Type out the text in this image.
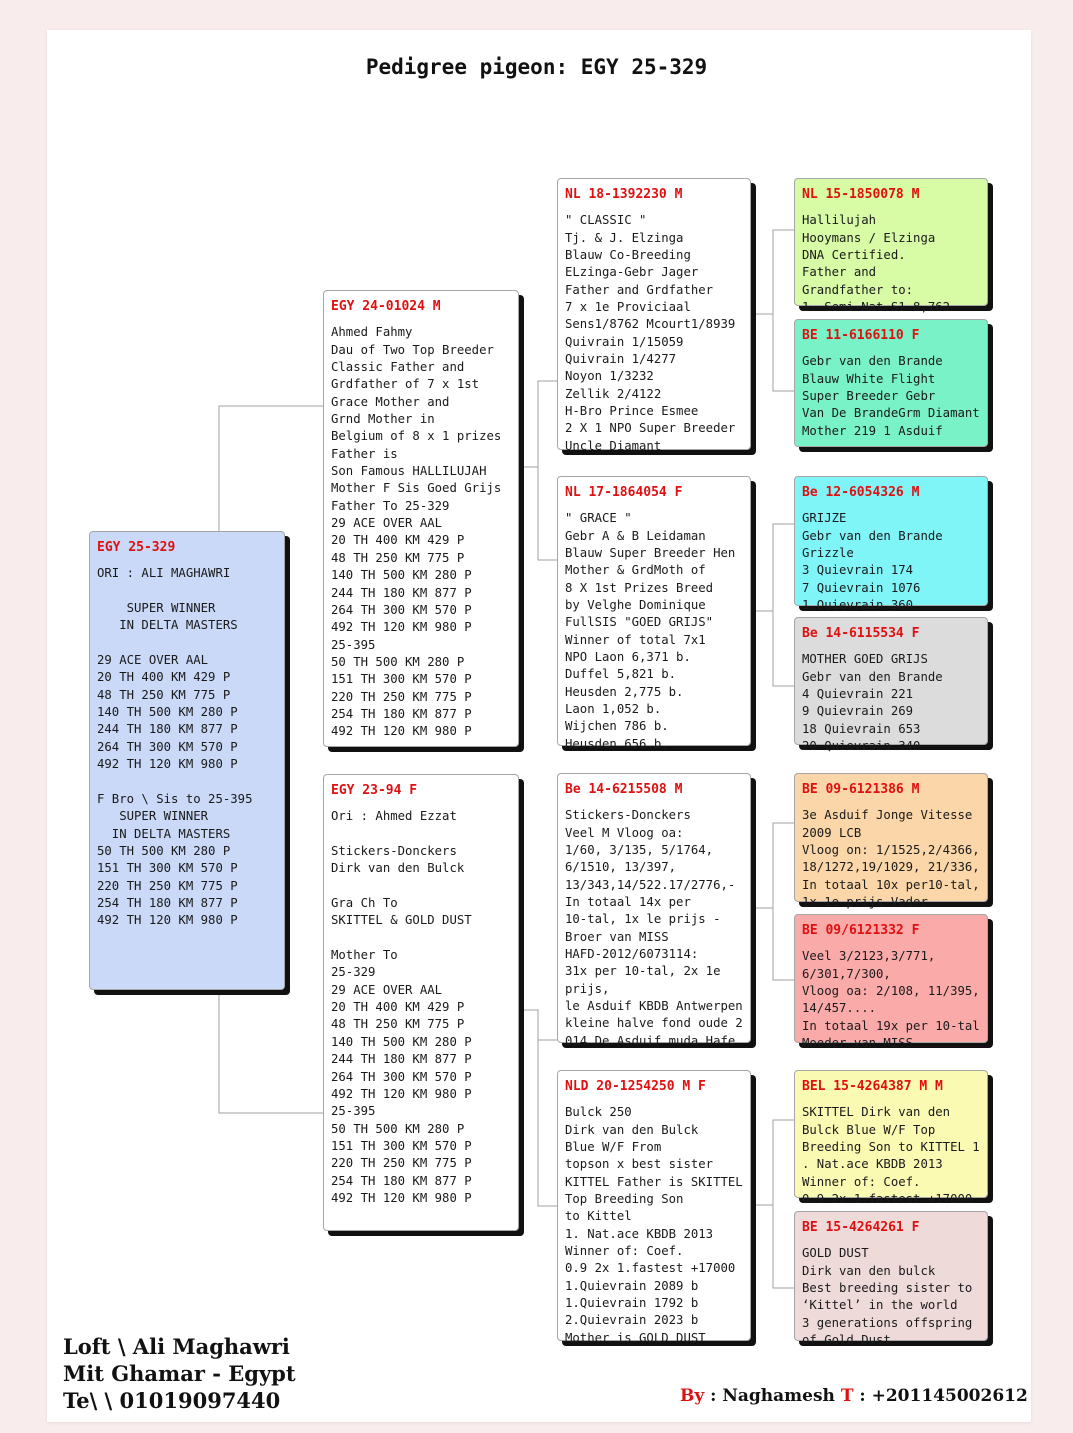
Pedigree pigeon: EGY 25-329
EGY 25-329
ORI : ALI MAGHAWRI

SUPER WINNER
IN DELTA MASTERS

29 ACE OVER AAL
20 TH 400 KM 429 P
48 TH 250 KM 775 P
140 TH 500 KM 280 P
244 TH 180 KM 877 P
264 TH 300 KM 570 P
492 TH 120 KM 980 P

F Bro \ Sis to 25-395
SUPER WINNER
IN DELTA MASTERS
50 TH 500 KM 280 P
151 TH 300 KM 570 P
220 TH 250 KM 775 P
254 TH 180 KM 877 P
492 TH 120 KM 980 P
EGY 24-01024 M
Ahmed Fahmy
Dau of Two Top Breeder
Classic Father and
Grdfather of 7 x 1st
Grace Mother and
Grnd Mother in
Belgium of 8 x 1 prizes
Father is
Son Famous HALLILUJAH
Mother F Sis Goed Grijs
Father To 25-329
29 ACE OVER AAL
20 TH 400 KM 429 P
48 TH 250 KM 775 P
140 TH 500 KM 280 P
244 TH 180 KM 877 P
264 TH 300 KM 570 P
492 TH 120 KM 980 P
25-395
50 TH 500 KM 280 P
151 TH 300 KM 570 P
220 TH 250 KM 775 P
254 TH 180 KM 877 P
492 TH 120 KM 980 P
EGY 23-94 F
Ori : Ahmed Ezzat

Stickers-Donckers
Dirk van den Bulck

Gra Ch To
SKITTEL & GOLD DUST

Mother To
25-329
29 ACE OVER AAL
20 TH 400 KM 429 P
48 TH 250 KM 775 P
140 TH 500 KM 280 P
244 TH 180 KM 877 P
264 TH 300 KM 570 P
492 TH 120 KM 980 P
25-395
50 TH 500 KM 280 P
151 TH 300 KM 570 P
220 TH 250 KM 775 P
254 TH 180 KM 877 P
492 TH 120 KM 980 P
NL 18-1392230 M
" CLASSIC "
Tj. & J. Elzinga
Blauw Co-Breeding
ELzinga-Gebr Jager
Father and Grdfather
7 x 1e Proviciaal
Sens1/8762 Mcourt1/8939
Quivrain 1/15059
Quivrain 1/4277
Noyon 1/3232
Zellik 2/4122
H-Bro Prince Esmee
2 X 1 NPO Super Breeder
Uncle Diamant
NL 17-1864054 F
" GRACE "
Gebr A & B Leidaman
Blauw Super Breeder Hen
Mother & GrdMoth of
8 X 1st Prizes Breed
by Velghe Dominique
FullSIS "GOED GRIJS"
Winner of total 7x1
NPO Laon 6,371 b.
Duffel 5,821 b.
Heusden 2,775 b.
Laon 1,052 b.
Wijchen 786 b.
Heusden 656 b.
Be 14-6215508 M
Stickers-Donckers
Veel M Vloog oa:
1/60, 3/135, 5/1764,
6/1510, 13/397,
13/343,14/522.17/2776,-
In totaal 14x per
10-tal, 1x le prijs -
Broer van MISS
HAFD-2012/6073114:
31x per 10-tal, 2x 1e
prijs,
le Asduif KBDB Antwerpen
kleine halve fond oude 2
014 De Asduif muda Hafe
NLD 20-1254250 M F
Bulck 250
Dirk van den Bulck
Blue W/F From
topson x best sister
KITTEL Father is SKITTEL
Top Breeding Son
to Kittel
1. Nat.ace KBDB 2013
Winner of: Coef.
0.9 2x 1.fastest +17000
1.Quievrain 2089 b
1.Quievrain 1792 b
2.Quievrain 2023 b
Mother is GOLD DUST
NL 15-1850078 M
Hallilujah
Hooymans / Elzinga
DNA Certified.
Father and
Grandfather to:
1. Semi-Nat.S1 8,762
BE 11-6166110 F
Gebr van den Brande
Blauw White Flight
Super Breeder Gebr
Van De BrandeGrm Diamant
Mother 219 1 Asduif
Be 12-6054326 M
GRIJZE
Gebr van den Brande
Grizzle
3 Quievrain 174
7 Quievrain 1076
1 Quievrain 360
Be 14-6115534 F
MOTHER GOED GRIJS
Gebr van den Brande
4 Quievrain 221
9 Quievrain 269
18 Quievrain 653
20 Quievrain 340
BE 09-6121386 M
3e Asduif Jonge Vitesse
2009 LCB
Vloog on: 1/1525,2/4366,
18/1272,19/1029, 21/336,
In totaal 10x per10-tal,
1x 1e prijs Vader
BE 09/6121332 F
Veel 3/2123,3/771,
6/301,7/300,
Vloog oa: 2/108, 11/395,
14/457....
In totaal 19x per 10-tal
Moeder van MISS
BEL 15-4264387 M M
SKITTEL Dirk van den
Bulck Blue W/F Top
Breeding Son to KITTEL 1
. Nat.ace KBDB 2013
Winner of: Coef.
0.9 2x 1.fastest +17000
BE 15-4264261 F
GOLD DUST
Dirk van den bulck
Best breeding sister to
‘Kittel’ in the world
3 generations offspring
of Gold Dust
Loft \ Ali Maghawri
Mit Ghamar - Egypt
Te\ \ 01019097440	By : Naghamesh T : +201145002612
